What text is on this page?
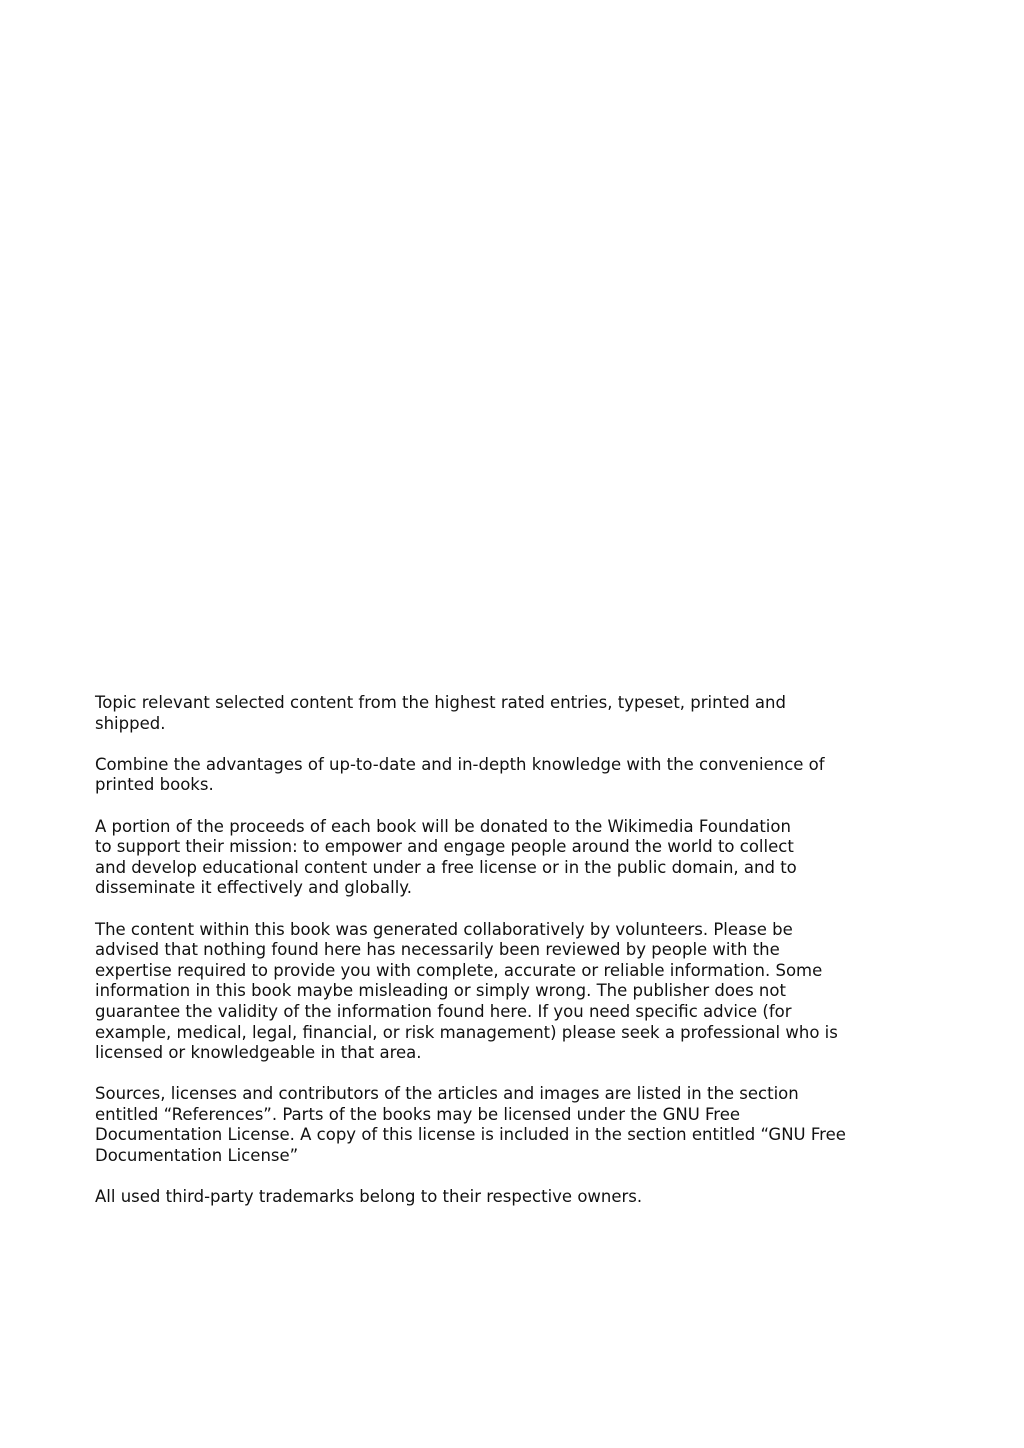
Topic relevant selected content from the highest rated entries, typeset, printed and
shipped.

Combine the advantages of up-to-date and in-depth knowledge with the convenience of
printed books.

A portion of the proceeds of each book will be donated to the Wikimedia Foundation
to support their mission: to empower and engage people around the world to collect
and develop educational content under a free license or in the public domain, and to
disseminate it effectively and globally.

The content within this book was generated collaboratively by volunteers. Please be
advised that nothing found here has necessarily been reviewed by people with the
expertise required to provide you with complete, accurate or reliable information. Some
information in this book maybe misleading or simply wrong. The publisher does not
guarantee the validity of the information found here. If you need specific advice (for
example, medical, legal, financial, or risk management) please seek a professional who is
licensed or knowledgeable in that area.

Sources, licenses and contributors of the articles and images are listed in the section
entitled “References”. Parts of the books may be licensed under the GNU Free
Documentation License. A copy of this license is included in the section entitled “GNU Free
Documentation License”

All used third-party trademarks belong to their respective owners.
